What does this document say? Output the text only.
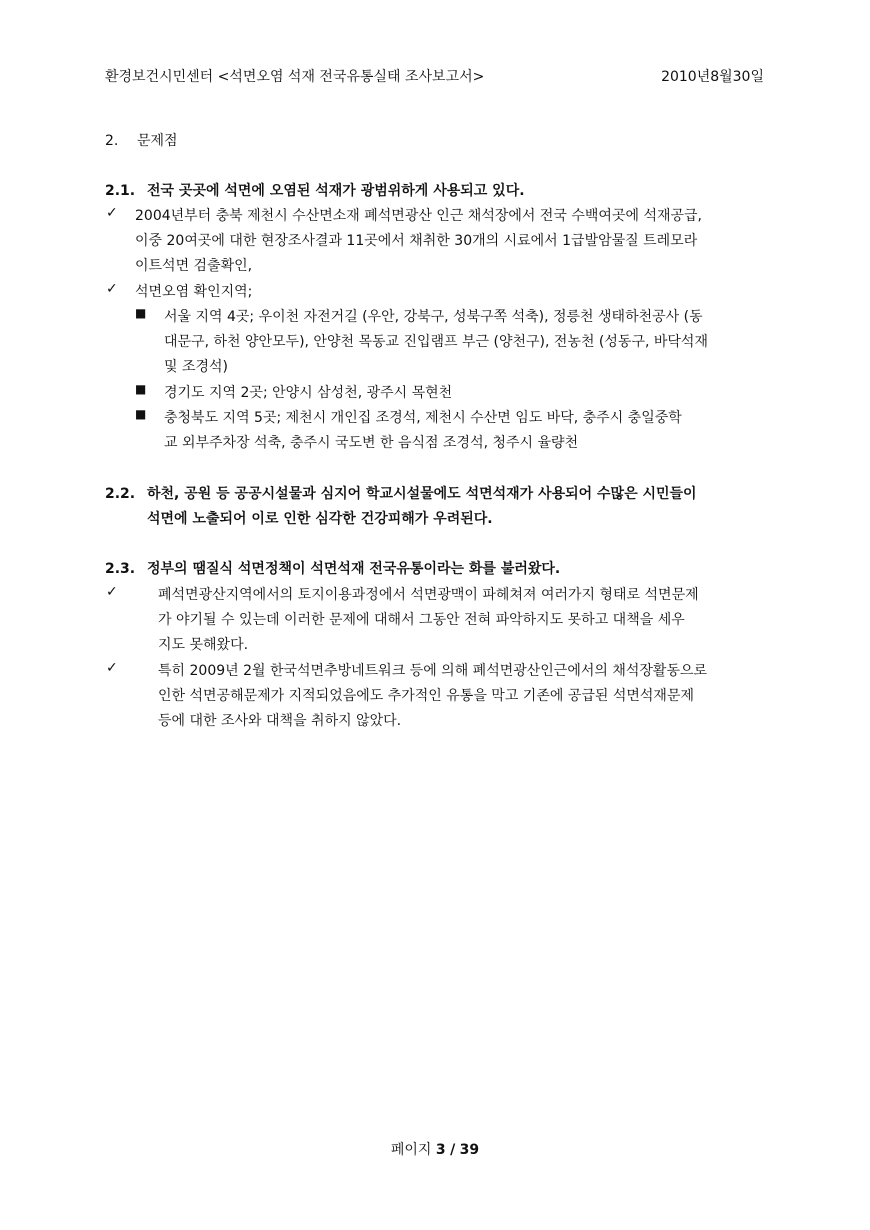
환경보건시민센터 <석면오염 석재 전국유통실태 조사보고서>	2010년8월30일
2. 문제점
2.1. 전국 곳곳에 석면에 오염된 석재가 광범위하게 사용되고 있다.
✓ 2004년부터 충북 제천시 수산면소재 폐석면광산 인근 채석장에서 전국 수백여곳에 석재공급,
이중 20여곳에 대한 현장조사결과 11곳에서 채취한 30개의 시료에서 1급발암물질 트레모라
이트석면 검출확인,
✓ 석면오염 확인지역;
■ 서울 지역 4곳; 우이천 자전거길 (우안, 강북구, 성북구쪽 석축), 정릉천 생태하천공사 (동
대문구, 하천 양안모두), 안양천 목동교 진입램프 부근 (양천구), 전농천 (성동구, 바닥석재
및 조경석)
■ 경기도 지역 2곳; 안양시 삼성천, 광주시 목현천
■ 충청북도 지역 5곳; 제천시 개인집 조경석, 제천시 수산면 임도 바닥, 충주시 충일중학
교 외부주차장 석축, 충주시 국도변 한 음식점 조경석, 청주시 율량천
2.2. 하천, 공원 등 공공시설물과 심지어 학교시설물에도 석면석재가 사용되어 수많은 시민들이
석면에 노출되어 이로 인한 심각한 건강피해가 우려된다.
2.3. 정부의 땜질식 석면정책이 석면석재 전국유통이라는 화를 불러왔다.
✓	폐석면광산지역에서의 토지이용과정에서 석면광맥이 파헤쳐져 여러가지 형태로 석면문제
가 야기될 수 있는데 이러한 문제에 대해서 그동안 전혀 파악하지도 못하고 대책을 세우
지도 못해왔다.
✓	특히 2009년 2월 한국석면추방네트워크 등에 의해 폐석면광산인근에서의 채석장활동으로
인한 석면공해문제가 지적되었음에도 추가적인 유통을 막고 기존에 공급된 석면석재문제
등에 대한 조사와 대책을 취하지 않았다.
페이지 3 / 39
